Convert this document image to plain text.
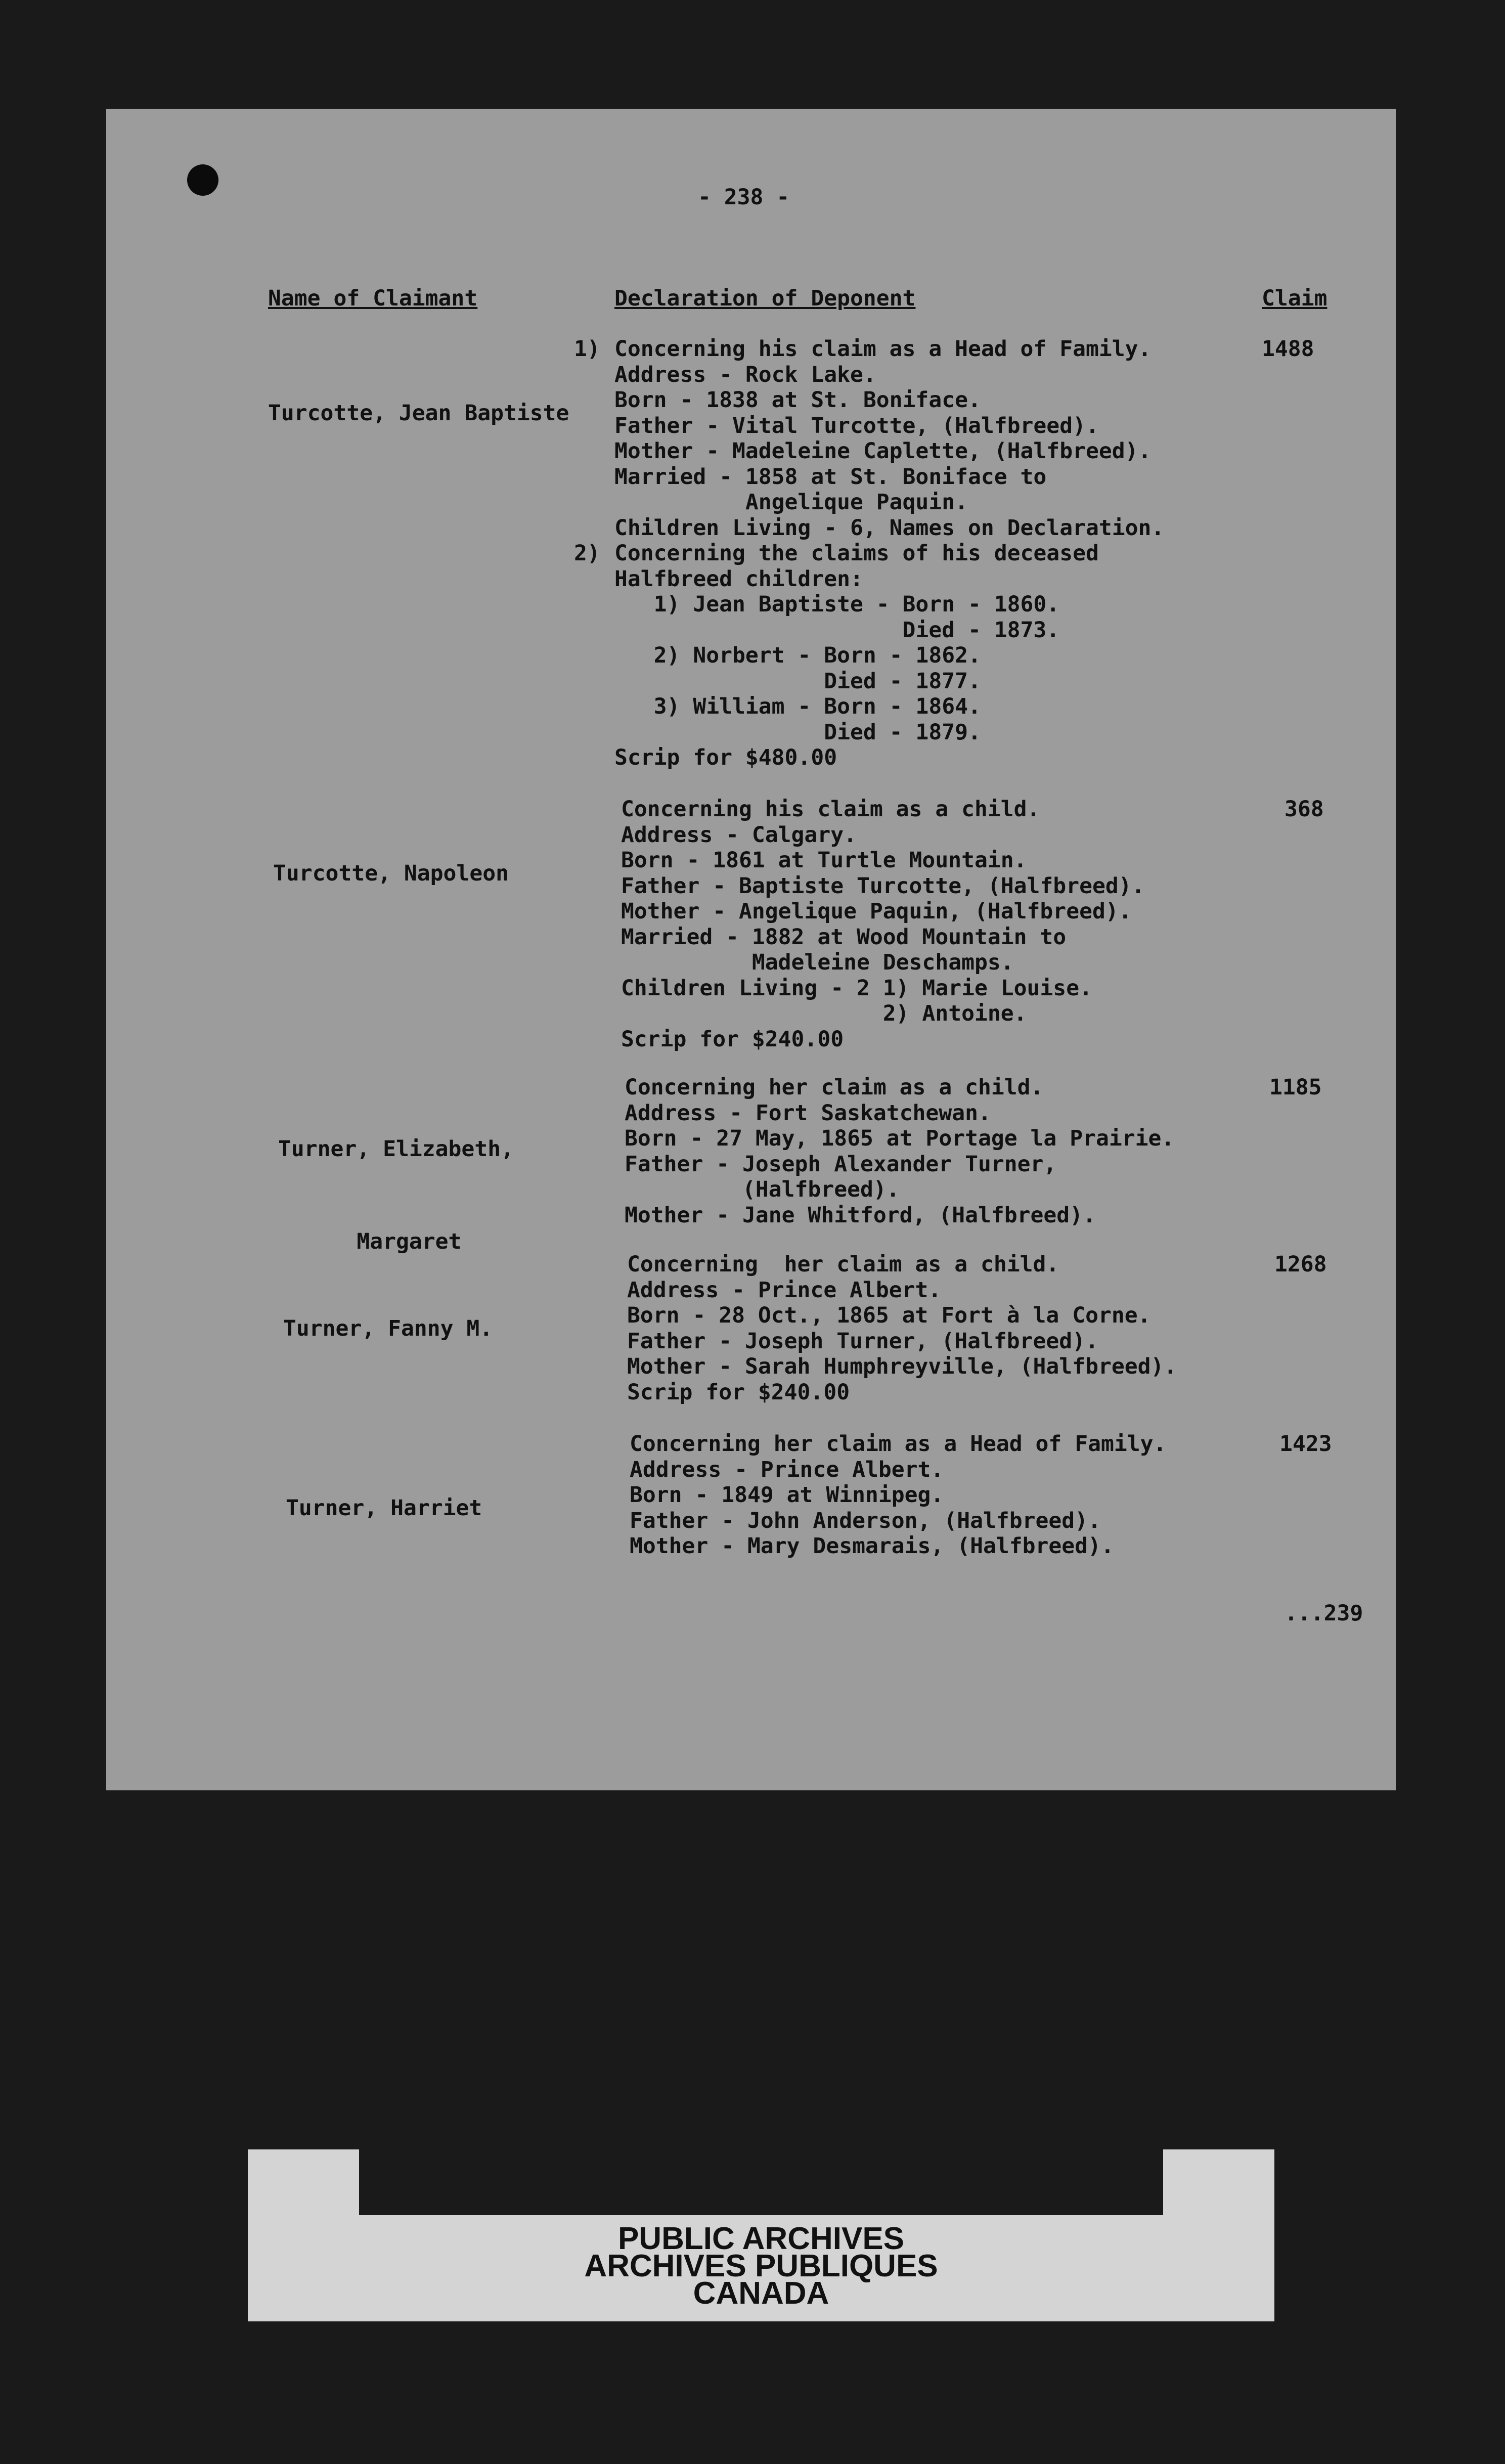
- 238 -
Name of Claimant	Declaration of Deponent	Claim

Turcotte, Jean Baptiste

1)
2)
1488
Concerning his claim as a Head of Family.
Address - Rock Lake.
Born - 1838 at St. Boniface.
Father - Vital Turcotte, (Halfbreed).
Mother - Madeleine Caplette, (Halfbreed).
Married - 1858 at St. Boniface to
Angelique Paquin.
Children Living - 6, Names on Declaration.
Concerning the claims of his deceased
Halfbreed children:
1) Jean Baptiste - Born - 1860.
Died - 1873.
2) Norbert - Born - 1862.
Died - 1877.
3) William - Born - 1864.
Died - 1879.
Scrip for $480.00

Turcotte, Napoleon

368
Concerning his claim as a child.
Address - Calgary.
Born - 1861 at Turtle Mountain.
Father - Baptiste Turcotte, (Halfbreed).
Mother - Angelique Paquin, (Halfbreed).
Married - 1882 at Wood Mountain to
Madeleine Deschamps.
Children Living - 2 1) Marie Louise.
2) Antoine.
Scrip for $240.00

Turner, Elizabeth,

Margaret

1185
Concerning her claim as a child.
Address - Fort Saskatchewan.
Born - 27 May, 1865 at Portage la Prairie.
Father - Joseph Alexander Turner,
(Halfbreed).
Mother - Jane Whitford, (Halfbreed).

Turner, Fanny M.

1268
Concerning  her claim as a child.
Address - Prince Albert.
Born - 28 Oct., 1865 at Fort à la Corne.
Father - Joseph Turner, (Halfbreed).
Mother - Sarah Humphreyville, (Halfbreed).
Scrip for $240.00

Turner, Harriet

1423
Concerning her claim as a Head of Family.
Address - Prince Albert.
Born - 1849 at Winnipeg.
Father - John Anderson, (Halfbreed).
Mother - Mary Desmarais, (Halfbreed).
...239
PUBLIC ARCHIVES
ARCHIVES PUBLIQUES
CANADA
